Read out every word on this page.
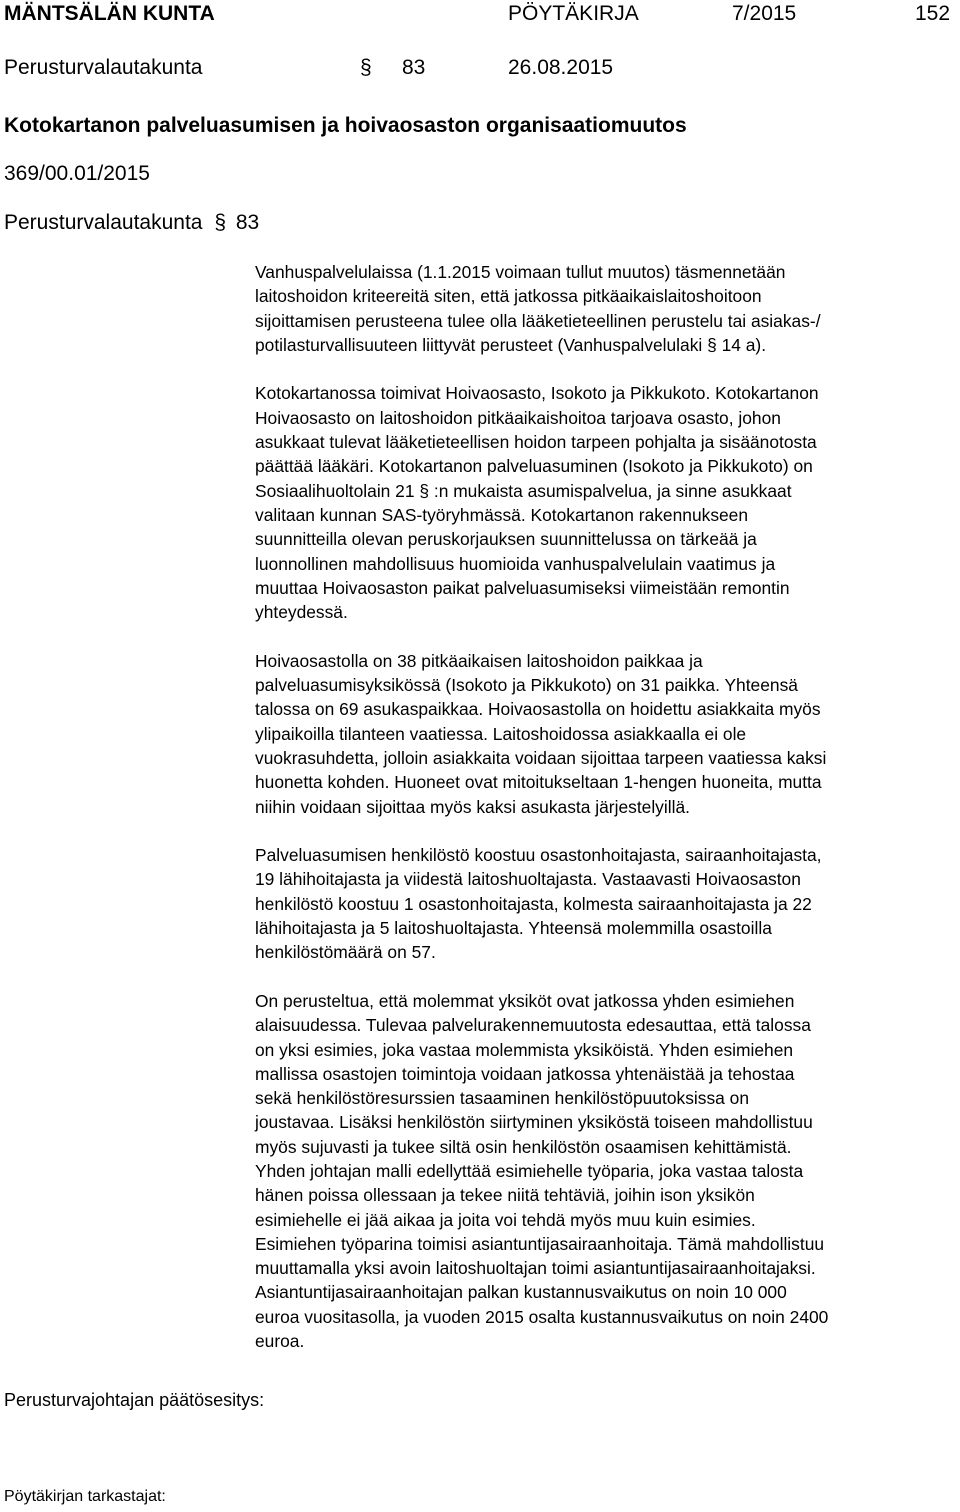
MÄNTSÄLÄN KUNTA	PÖYTÄKIRJA	7/2015	152
Perusturvalautakunta	§ 83	26.08.2015
Kotokartanon palveluasumisen ja hoivaosaston organisaatiomuutos
369/00.01/2015
Perusturvalautakunta § 83

Vanhuspalvelulaissa (1.1.2015 voimaan tullut muutos) täsmennetään
laitoshoidon kriteereitä siten, että jatkossa pitkäaikaislaitoshoitoon
sijoittamisen perusteena tulee olla lääketieteellinen perustelu tai asiakas-/
potilasturvallisuuteen liittyvät perusteet (Vanhuspalvelulaki § 14 a).

Kotokartanossa toimivat Hoivaosasto, Isokoto ja Pikkukoto. Kotokartanon
Hoivaosasto on laitoshoidon pitkäaikaishoitoa tarjoava osasto, johon
asukkaat tulevat lääketieteellisen hoidon tarpeen pohjalta ja sisäänotosta
päättää lääkäri. Kotokartanon palveluasuminen (Isokoto ja Pikkukoto) on
Sosiaalihuoltolain 21 § :n mukaista asumispalvelua, ja sinne asukkaat
valitaan kunnan SAS-työryhmässä. Kotokartanon rakennukseen
suunnitteilla olevan peruskorjauksen suunnittelussa on tärkeää ja
luonnollinen mahdollisuus huomioida vanhuspalvelulain vaatimus ja
muuttaa Hoivaosaston paikat palveluasumiseksi viimeistään remontin
yhteydessä.

Hoivaosastolla on 38 pitkäaikaisen laitoshoidon paikkaa ja
palveluasumisyksikössä (Isokoto ja Pikkukoto) on 31 paikka. Yhteensä
talossa on 69 asukaspaikkaa. Hoivaosastolla on hoidettu asiakkaita myös
ylipaikoilla tilanteen vaatiessa. Laitoshoidossa asiakkaalla ei ole
vuokrasuhdetta, jolloin asiakkaita voidaan sijoittaa tarpeen vaatiessa kaksi
huonetta kohden. Huoneet ovat mitoitukseltaan 1-hengen huoneita, mutta
niihin voidaan sijoittaa myös kaksi asukasta järjestelyillä.

Palveluasumisen henkilöstö koostuu osastonhoitajasta, sairaanhoitajasta,
19 lähihoitajasta ja viidestä laitoshuoltajasta. Vastaavasti Hoivaosaston
henkilöstö koostuu 1 osastonhoitajasta, kolmesta sairaanhoitajasta ja 22
lähihoitajasta ja 5 laitoshuoltajasta. Yhteensä molemmilla osastoilla
henkilöstömäärä on 57.

On perusteltua, että molemmat yksiköt ovat jatkossa yhden esimiehen
alaisuudessa. Tulevaa palvelurakennemuutosta edesauttaa, että talossa
on yksi esimies, joka vastaa molemmista yksiköistä. Yhden esimiehen
mallissa osastojen toimintoja voidaan jatkossa yhtenäistää ja tehostaa
sekä henkilöstöresurssien tasaaminen henkilöstöpuutoksissa on
joustavaa. Lisäksi henkilöstön siirtyminen yksiköstä toiseen mahdollistuu
myös sujuvasti ja tukee siltä osin henkilöstön osaamisen kehittämistä.
Yhden johtajan malli edellyttää esimiehelle työparia, joka vastaa talosta
hänen poissa ollessaan ja tekee niitä tehtäviä, joihin ison yksikön
esimiehelle ei jää aikaa ja joita voi tehdä myös muu kuin esimies.
Esimiehen työparina toimisi asiantuntijasairaanhoitaja. Tämä mahdollistuu
muuttamalla yksi avoin laitoshuoltajan toimi asiantuntijasairaanhoitajaksi.
Asiantuntijasairaanhoitajan palkan kustannusvaikutus on noin 10 000
euroa vuositasolla, ja vuoden 2015 osalta kustannusvaikutus on noin 2400
euroa.

Perusturvajohtajan päätösesitys:
Pöytäkirjan tarkastajat:
